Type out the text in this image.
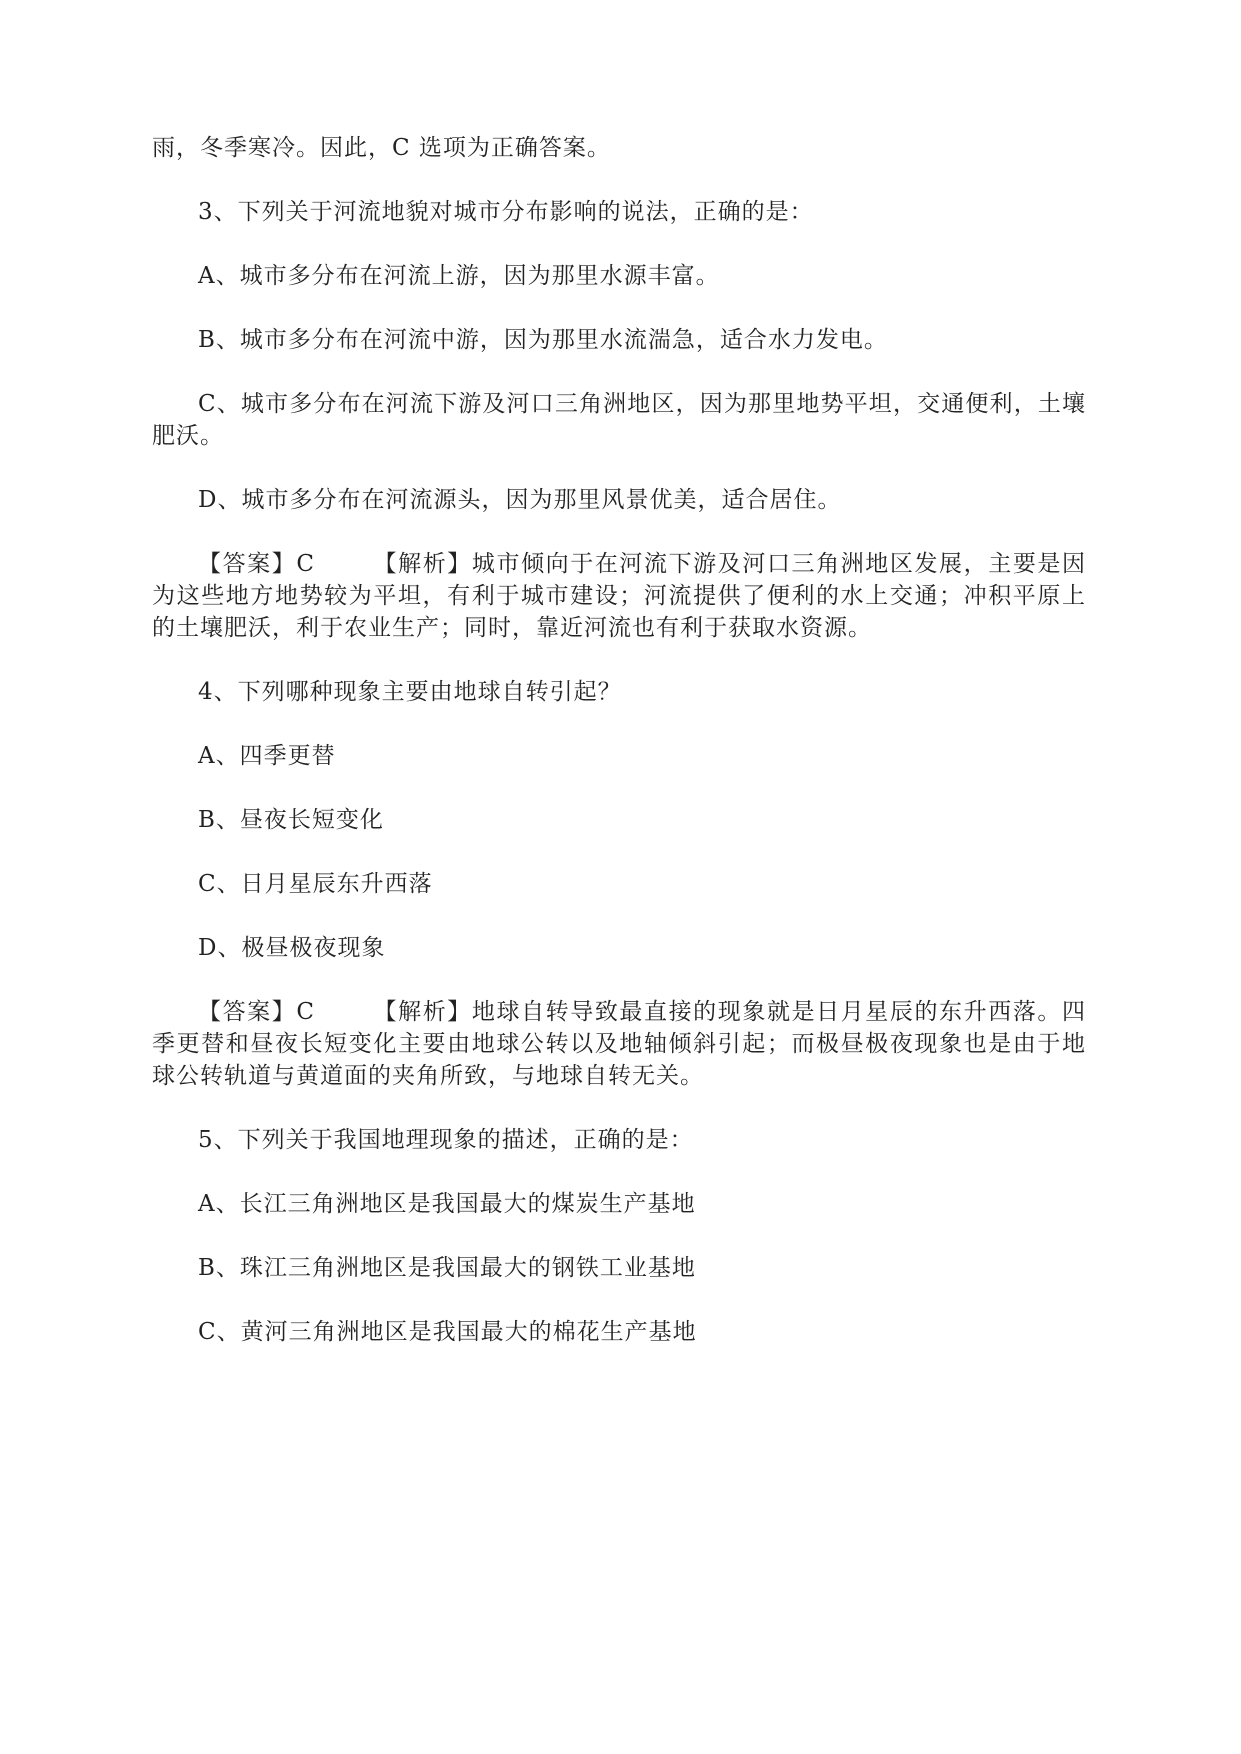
雨，冬季寒冷。因此，C 选项为正确答案。

3、下列关于河流地貌对城市分布影响的说法，正确的是：

A、城市多分布在河流上游，因为那里水源丰富。

B、城市多分布在河流中游，因为那里水流湍急，适合水力发电。

C、城市多分布在河流下游及河口三角洲地区，因为那里地势平坦，交通便利，土壤肥沃。

D、城市多分布在河流源头，因为那里风景优美，适合居住。

【答案】C	【解析】城市倾向于在河流下游及河口三角洲地区发展，主要是因为这些地方地势较为平坦，有利于城市建设；河流提供了便利的水上交通；冲积平原上的土壤肥沃，利于农业生产；同时，靠近河流也有利于获取水资源。

4、下列哪种现象主要由地球自转引起？

A、四季更替

B、昼夜长短变化

C、日月星辰东升西落

D、极昼极夜现象

【答案】C	【解析】地球自转导致最直接的现象就是日月星辰的东升西落。四季更替和昼夜长短变化主要由地球公转以及地轴倾斜引起；而极昼极夜现象也是由于地球公转轨道与黄道面的夹角所致，与地球自转无关。

5、下列关于我国地理现象的描述，正确的是：

A、长江三角洲地区是我国最大的煤炭生产基地

B、珠江三角洲地区是我国最大的钢铁工业基地

C、黄河三角洲地区是我国最大的棉花生产基地
